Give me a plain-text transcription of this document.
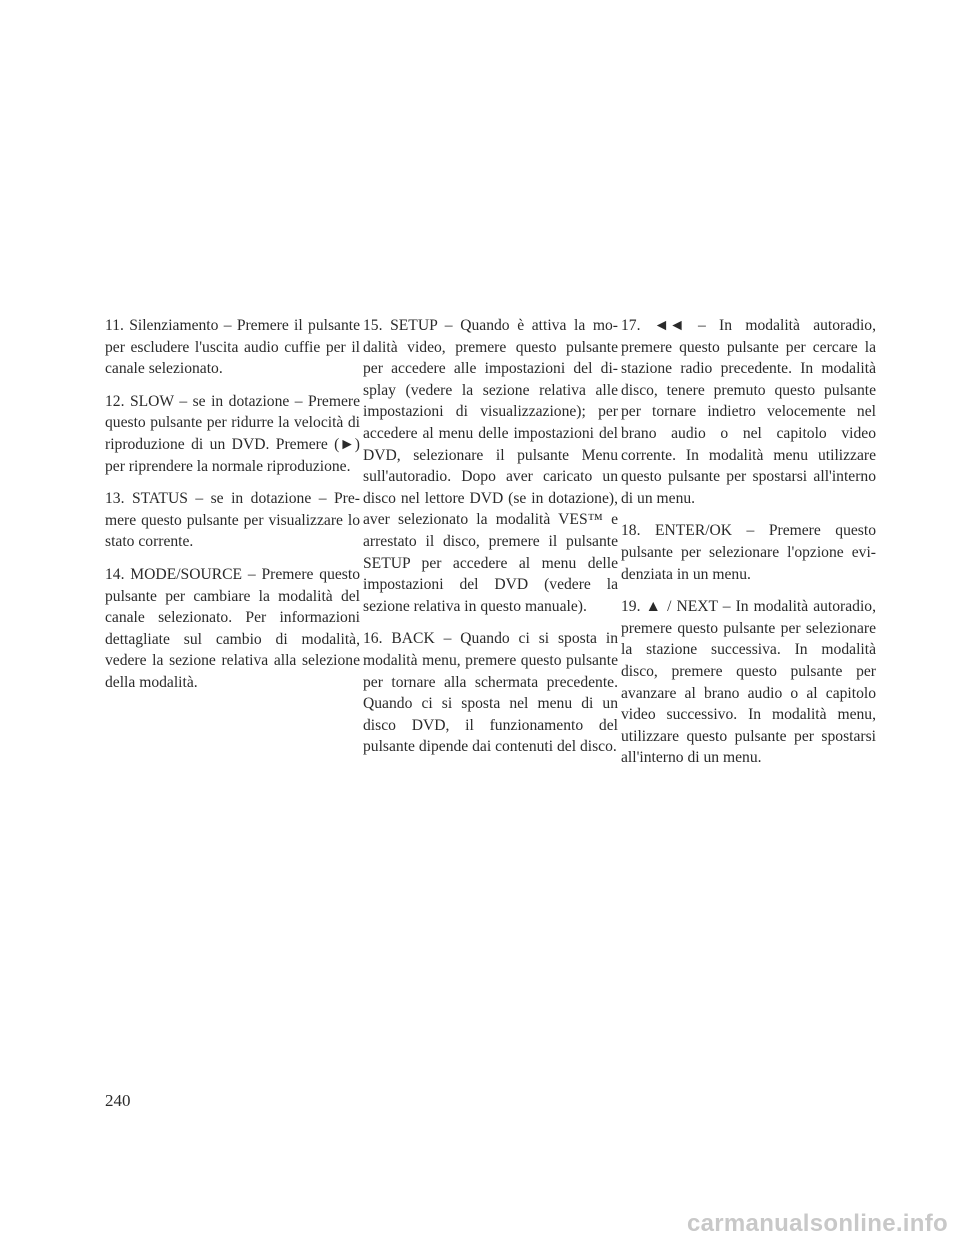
11. Silenziamento – Premere il pulsante per escludere l'uscita audio cuffie per il canale selezionato.

12. SLOW – se in dotazione – Premere questo pulsante per ridurre la velocità di riproduzione di un DVD. Premere (►) per riprendere la normale riproduzione.

13. STATUS – se in dotazione – Premere questo pulsante per visualizzare lo stato corrente.

14. MODE/SOURCE – Premere questo pulsante per cambiare la modalità del canale selezionato. Per informazioni dettagliate sul cambio di modalità, vedere la sezione relativa alla selezione della modalità.

15. SETUP – Quando è attiva la modalità video, premere questo pulsante per accedere alle impostazioni del display (vedere la sezione relativa alle impostazioni di visualizzazione); per accedere al menu delle impostazioni del DVD, selezionare il pulsante Menu sull'autoradio. Dopo aver caricato un disco nel lettore DVD (se in dotazione), aver selezionato la modalità VES™ e arrestato il disco, premere il pulsante SETUP per accedere al menu delle impostazioni del DVD (vedere la sezione relativa in questo manuale).

16. BACK – Quando ci si sposta in modalità menu, premere questo pulsante per tornare alla schermata precedente. Quando ci si sposta nel menu di un disco DVD, il funzionamento del pulsante dipende dai contenuti del disco.

17. ◄◄ – In modalità autoradio, premere questo pulsante per cercare la stazione radio precedente. In modalità disco, tenere premuto questo pulsante per tornare indietro velocemente nel brano audio o nel capitolo video corrente. In modalità menu utilizzare questo pulsante per spostarsi all'interno di un menu.

18. ENTER/OK – Premere questo pulsante per selezionare l'opzione evidenziata in un menu.

19. ▲ / NEXT – In modalità autoradio, premere questo pulsante per selezionare la stazione successiva. In modalità disco, premere questo pulsante per avanzare al brano audio o al capitolo video successivo. In modalità menu, utilizzare questo pulsante per spostarsi all'interno di un menu.

240
carmanualsonline.info
